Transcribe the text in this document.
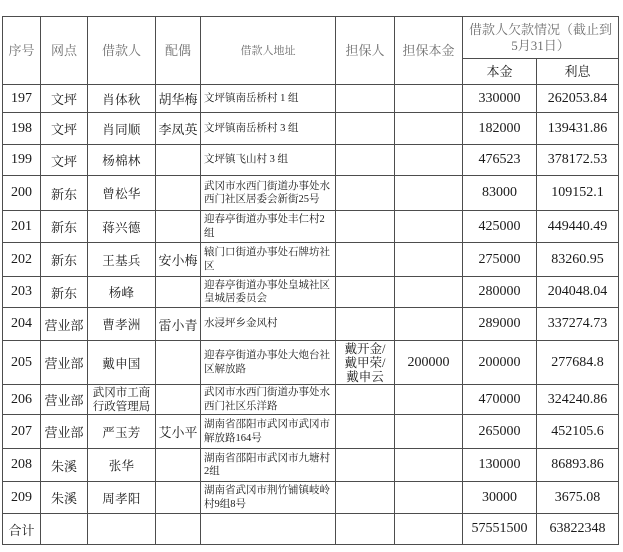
序号	网点	借款人	配偶	借款人地址	担保人	担保本金	借款人欠款情况（截止到5月31日）	
							本金	利息
197	文坪	肖体秋	胡华梅	文坪镇南岳桥村 1 组			330000	262053.84
198	文坪	肖同顺	李凤英	文坪镇南岳桥村 3 组			182000	139431.86
199	文坪	杨棉林		文坪镇飞山村 3 组			476523	378172.53
200	新东	曾松华		武冈市水西门街道办事处水西门社区居委会新街25号			83000	109152.1
201	新东	蒋兴德		迎春亭街道办事处丰仁村2组			425000	449440.49
202	新东	王基兵	安小梅	辕门口街道办事处石牌坊社区			275000	83260.95
203	新东	杨峰		迎春亭街道办事处皇城社区皇城居委员会			280000	204048.04
204	营业部	曹孝洲	雷小青	水浸坪乡金风村			289000	337274.73
205	营业部	戴申国		迎春亭街道办事处大炮台社区解放路	戴开金/戴甲荣/戴申云	200000	200000	277684.8
206	营业部	武冈市工商行政管理局		武冈市水西门街道办事处水西门社区乐洋路			470000	324240.86
207	营业部	严玉芳	艾小平	湖南省邵阳市武冈市武冈市解放路164号			265000	452105.6
208	朱溪	张华		湖南省邵阳市武冈市九塘村2组			130000	86893.86
209	朱溪	周孝阳		湖南省武冈市荆竹铺镇岐岭村9组8号			30000	3675.08
合计							57551500	63822348
